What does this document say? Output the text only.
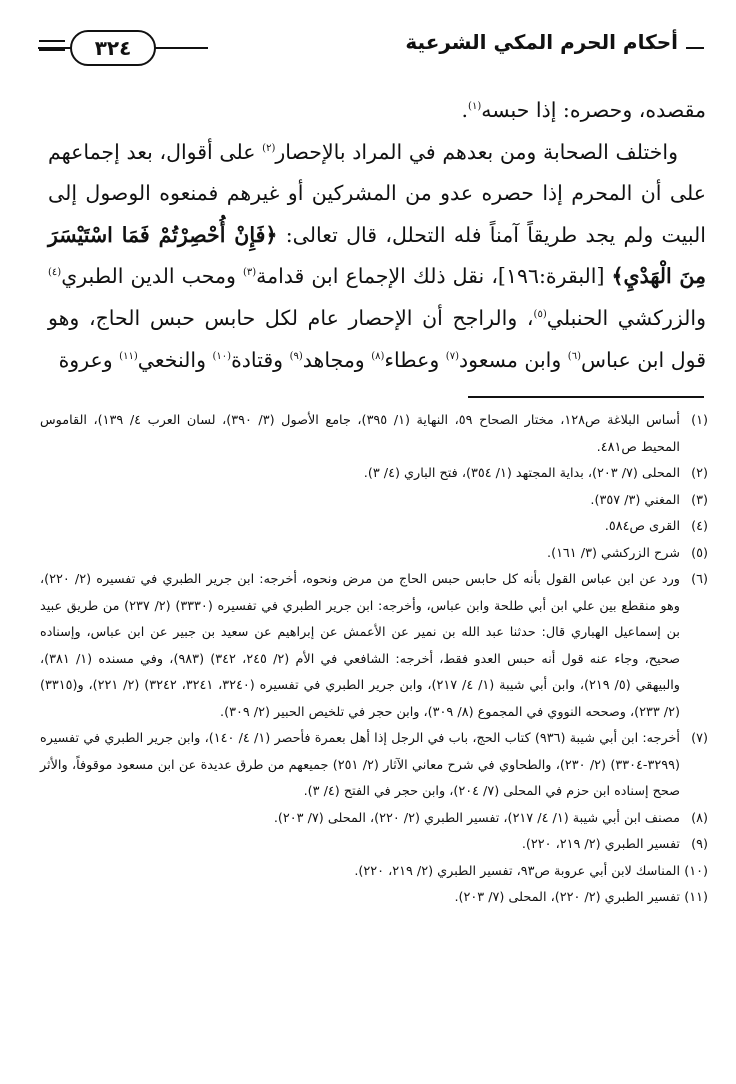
أحكام الحرم المكي الشرعية
٣٢٤

مقصده، وحصره: إذا حبسه$^{(١)}$.

واختلف الصحابة ومن بعدهم في المراد بالإحصار$^{(٢)}$ على أقوال، بعد إجماعهم على أن المحرم إذا حصره عدو من المشركين أو غيرهم فمنعوه الوصول إلى البيت ولم يجد طريقاً آمناً فله التحلل، قال تعالى: ﴿فَإِنْ أُحْصِرْتُمْ فَمَا اسْتَيْسَرَ مِنَ الْهَدْيِ﴾ [البقرة:١٩٦]، نقل ذلك الإجماع ابن قدامة$^{(٣)}$ ومحب الدين الطبري$^{(٤)}$ والزركشي الحنبلي$^{(٥)}$، والراجح أن الإحصار عام لكل حابس حبس الحاج، وهو قول ابن عباس$^{(٦)}$ وابن مسعود$^{(٧)}$ وعطاء$^{(٨)}$ ومجاهد$^{(٩)}$ وقتادة$^{(١٠)}$ والنخعي$^{(١١)}$ وعروة

(١)أساس البلاغة ص١٢٨، مختار الصحاح ٥٩، النهاية (١/ ٣٩٥)، جامع الأصول (٣/ ٣٩٠)، لسان العرب ٤/ ١٣٩)، القاموس المحيط ص٤٨١.

(٢)المحلى (٧/ ٢٠٣)، بداية المجتهد (١/ ٣٥٤)، فتح الباري (٤/ ٣).

(٣)المغني (٣/ ٣٥٧).

(٤)القرى ص٥٨٤.

(٥)شرح الزركشي (٣/ ١٦١).

(٦)ورد عن ابن عباس القول بأنه كل حابس حبس الحاج من مرض ونحوه، أخرجه: ابن جرير الطبري في تفسيره (٢/ ٢٢٠)، وهو منقطع بين علي ابن أبي طلحة وابن عباس، وأخرجه: ابن جرير الطبري في تفسيره (٣٣٣٠) (٢/ ٢٣٧) من طريق عبيد بن إسماعيل الهباري قال: حدثنا عبد الله بن نمير عن الأعمش عن إبراهيم عن سعيد بن جبير عن ابن عباس، وإسناده صحيح، وجاء عنه قول أنه حبس العدو فقط، أخرجه: الشافعي في الأم (٢/ ٢٤٥، ٣٤٢) (٩٨٣)، وفي مسنده (١/ ٣٨١)، والبيهقي (٥/ ٢١٩)، وابن أبي شيبة (١/ ٤/ ٢١٧)، وابن جرير الطبري في تفسيره (٣٢٤٠، ٣٢٤١، ٣٢٤٢) (٢/ ٢٢١)، و(٣٣١٥) (٢/ ٢٣٣)، وصححه النووي في المجموع (٨/ ٣٠٩)، وابن حجر في تلخيص الحبير (٢/ ٣٠٩).

(٧)أخرجه: ابن أبي شيبة (٩٣٦) كتاب الحج، باب في الرجل إذا أهل بعمرة فأحصر (١/ ٤/ ١٤٠)، وابن جرير الطبري في تفسيره (٣٢٩٩-٣٣٠٤) (٢/ ٢٣٠)، والطحاوي في شرح معاني الآثار (٢/ ٢٥١) جميعهم من طرق عديدة عن ابن مسعود موقوفاً، والأثر صحح إسناده ابن حزم في المحلى (٧/ ٢٠٤)، وابن حجر في الفتح (٤/ ٣).

(٨)مصنف ابن أبي شيبة (١/ ٤/ ٢١٧)، تفسير الطبري (٢/ ٢٢٠)، المحلى (٧/ ٢٠٣).

(٩)تفسير الطبري (٢/ ٢١٩، ٢٢٠).

(١٠)المناسك لابن أبي عروبة ص٩٣، تفسير الطبري (٢/ ٢١٩، ٢٢٠).

(١١)تفسير الطبري (٢/ ٢٢٠)، المحلى (٧/ ٢٠٣).
